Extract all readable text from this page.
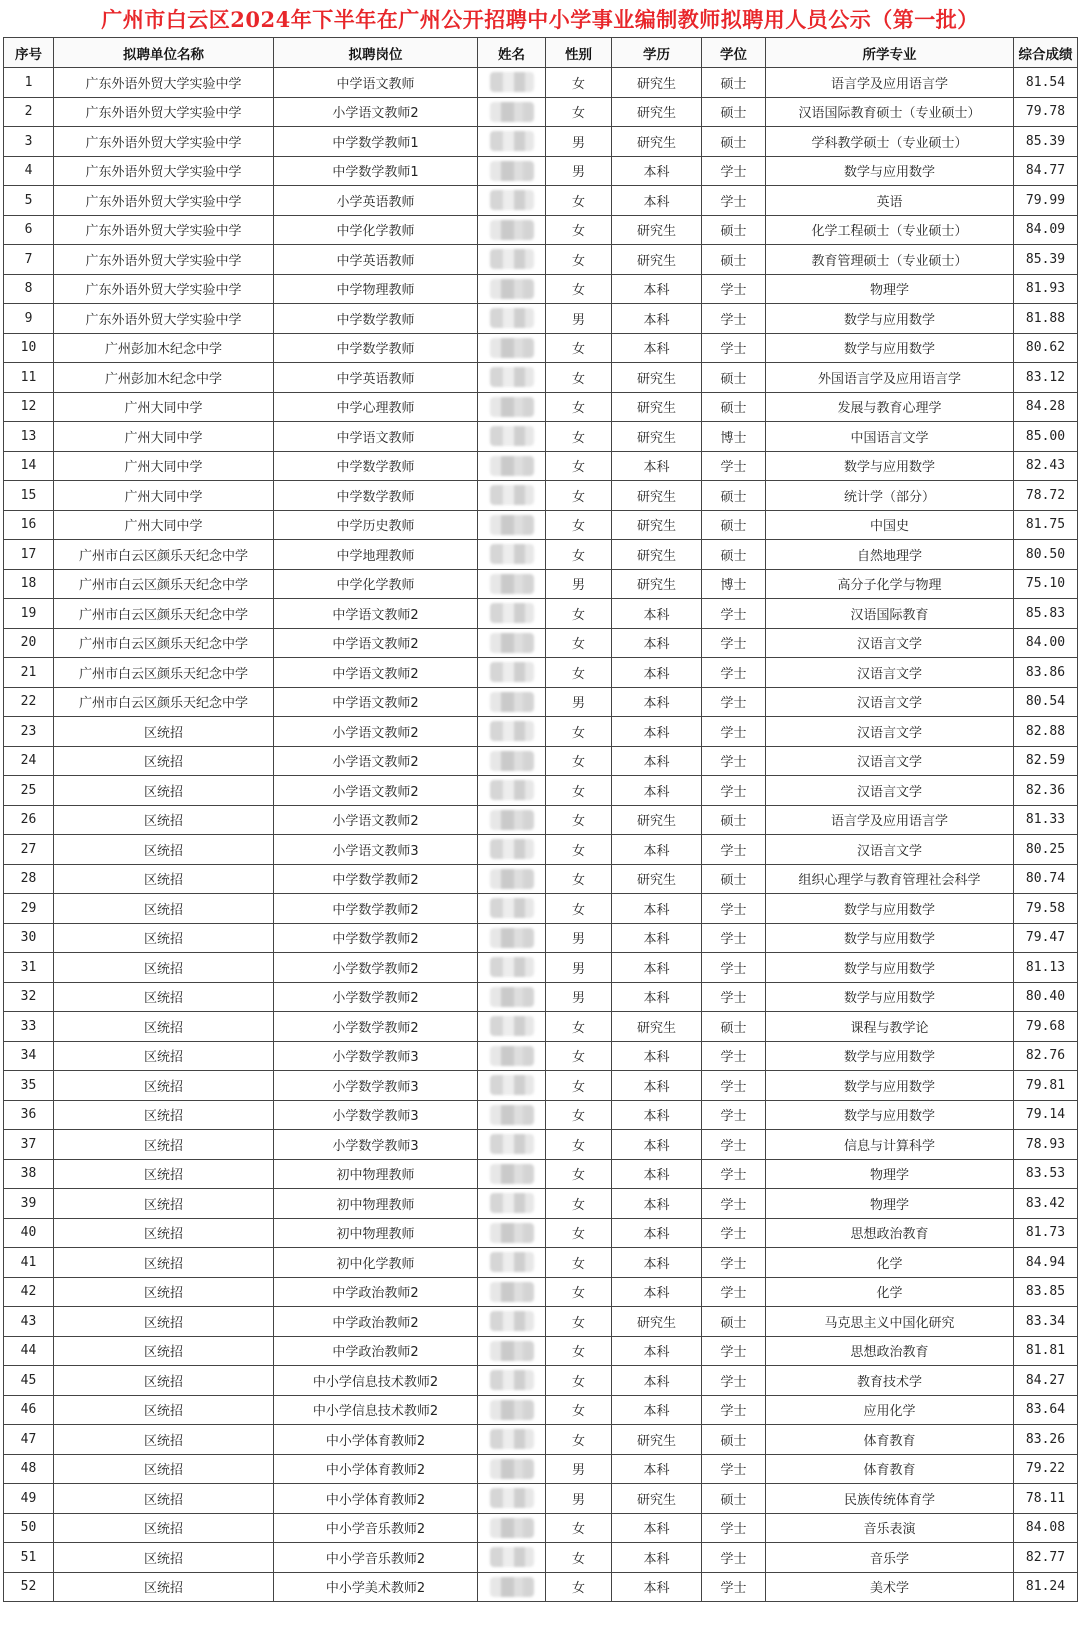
广州市白云区2024年下半年在广州公开招聘中小学事业编制教师拟聘用人员公示（第一批）
序号	拟聘单位名称	拟聘岗位	姓名	性别	学历	学位	所学专业	综合成绩
1	广东外语外贸大学实验中学	中学语文教师		女	研究生	硕士	语言学及应用语言学	81.54
2	广东外语外贸大学实验中学	小学语文教师2		女	研究生	硕士	汉语国际教育硕士（专业硕士）	79.78
3	广东外语外贸大学实验中学	中学数学教师1		男	研究生	硕士	学科教学硕士（专业硕士）	85.39
4	广东外语外贸大学实验中学	中学数学教师1		男	本科	学士	数学与应用数学	84.77
5	广东外语外贸大学实验中学	小学英语教师		女	本科	学士	英语	79.99
6	广东外语外贸大学实验中学	中学化学教师		女	研究生	硕士	化学工程硕士（专业硕士）	84.09
7	广东外语外贸大学实验中学	中学英语教师		女	研究生	硕士	教育管理硕士（专业硕士）	85.39
8	广东外语外贸大学实验中学	中学物理教师		女	本科	学士	物理学	81.93
9	广东外语外贸大学实验中学	中学数学教师		男	本科	学士	数学与应用数学	81.88
10	广州彭加木纪念中学	中学数学教师		女	本科	学士	数学与应用数学	80.62
11	广州彭加木纪念中学	中学英语教师		女	研究生	硕士	外国语言学及应用语言学	83.12
12	广州大同中学	中学心理教师		女	研究生	硕士	发展与教育心理学	84.28
13	广州大同中学	中学语文教师		女	研究生	博士	中国语言文学	85.00
14	广州大同中学	中学数学教师		女	本科	学士	数学与应用数学	82.43
15	广州大同中学	中学数学教师		女	研究生	硕士	统计学（部分）	78.72
16	广州大同中学	中学历史教师		女	研究生	硕士	中国史	81.75
17	广州市白云区颜乐天纪念中学	中学地理教师		女	研究生	硕士	自然地理学	80.50
18	广州市白云区颜乐天纪念中学	中学化学教师		男	研究生	博士	高分子化学与物理	75.10
19	广州市白云区颜乐天纪念中学	中学语文教师2		女	本科	学士	汉语国际教育	85.83
20	广州市白云区颜乐天纪念中学	中学语文教师2		女	本科	学士	汉语言文学	84.00
21	广州市白云区颜乐天纪念中学	中学语文教师2		女	本科	学士	汉语言文学	83.86
22	广州市白云区颜乐天纪念中学	中学语文教师2		男	本科	学士	汉语言文学	80.54
23	区统招	小学语文教师2		女	本科	学士	汉语言文学	82.88
24	区统招	小学语文教师2		女	本科	学士	汉语言文学	82.59
25	区统招	小学语文教师2		女	本科	学士	汉语言文学	82.36
26	区统招	小学语文教师2		女	研究生	硕士	语言学及应用语言学	81.33
27	区统招	小学语文教师3		女	本科	学士	汉语言文学	80.25
28	区统招	中学数学教师2		女	研究生	硕士	组织心理学与教育管理社会科学	80.74
29	区统招	中学数学教师2		女	本科	学士	数学与应用数学	79.58
30	区统招	中学数学教师2		男	本科	学士	数学与应用数学	79.47
31	区统招	小学数学教师2		男	本科	学士	数学与应用数学	81.13
32	区统招	小学数学教师2		男	本科	学士	数学与应用数学	80.40
33	区统招	小学数学教师2		女	研究生	硕士	课程与教学论	79.68
34	区统招	小学数学教师3		女	本科	学士	数学与应用数学	82.76
35	区统招	小学数学教师3		女	本科	学士	数学与应用数学	79.81
36	区统招	小学数学教师3		女	本科	学士	数学与应用数学	79.14
37	区统招	小学数学教师3		女	本科	学士	信息与计算科学	78.93
38	区统招	初中物理教师		女	本科	学士	物理学	83.53
39	区统招	初中物理教师		女	本科	学士	物理学	83.42
40	区统招	初中物理教师		女	本科	学士	思想政治教育	81.73
41	区统招	初中化学教师		女	本科	学士	化学	84.94
42	区统招	中学政治教师2		女	本科	学士	化学	83.85
43	区统招	中学政治教师2		女	研究生	硕士	马克思主义中国化研究	83.34
44	区统招	中学政治教师2		女	本科	学士	思想政治教育	81.81
45	区统招	中小学信息技术教师2		女	本科	学士	教育技术学	84.27
46	区统招	中小学信息技术教师2		女	本科	学士	应用化学	83.64
47	区统招	中小学体育教师2		女	研究生	硕士	体育教育	83.26
48	区统招	中小学体育教师2		男	本科	学士	体育教育	79.22
49	区统招	中小学体育教师2		男	研究生	硕士	民族传统体育学	78.11
50	区统招	中小学音乐教师2		女	本科	学士	音乐表演	84.08
51	区统招	中小学音乐教师2		女	本科	学士	音乐学	82.77
52	区统招	中小学美术教师2		女	本科	学士	美术学	81.24
